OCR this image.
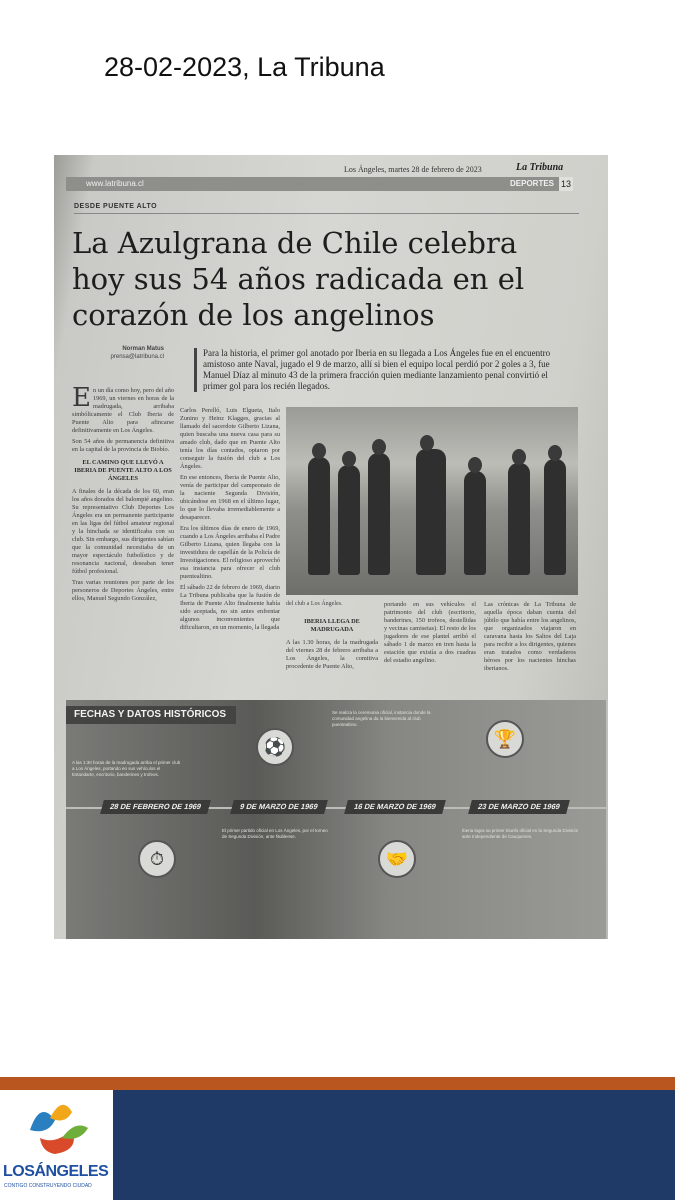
28-02-2023, La Tribuna
Los Ángeles, martes 28 de febrero de 2023	La Tribuna
www.latribuna.cl	DEPORTES 13
DESDE PUENTE ALTO
La Azulgrana de Chile celebra hoy sus 54 años radicada en el corazón de los angelinos
Norman Matus
prensa@latribuna.cl	Para la historia, el primer gol anotado por Iberia en su llegada a Los Ángeles fue en el encuentro amistoso ante Naval, jugado el 9 de marzo, allí si bien el equipo local perdió por 2 goles a 3, fue Manuel Díaz al minuto 43 de la primera fracción quien mediante lanzamiento penal convirtió el primer gol para los recién llegados.

En un día como hoy, pero del año 1969, un viernes en horas de la madrugada, arribaba simbólicamente el Club Iberia de Puente Alto para afincarse definitivamente en Los Ángeles.

Son 54 años de permanencia definitiva en la capital de la provincia de Biobío.

EL CAMINO QUE LLEVÓ A IBERIA DE PUENTE ALTO A LOS ÁNGELES

A finales de la década de los 60, eran los años dorados del balompié angelino. Su representativo Club Deportes Los Ángeles era un permanente participante en las ligas del fútbol amateur regional y la hinchada se identificaba con su club. Sin embargo, sus dirigentes sabían que la comunidad necesitaba de un mayor espectáculo futbolístico y de resonancia nacional, deseaban tener fútbol profesional.

Tras varias reuniones por parte de los personeros de Deportes Ángeles, entre ellos, Manuel Segundo González,

Carlos Perelló, Luis Elgueta, Italo Zunino y Heinz Klagges, gracias al llamado del sacerdote Gilberto Lizana, quien buscaba una nueva casa para su amado club, dado que en Puente Alto tenía los días contados, optaron por conseguir la fusión del club a Los Ángeles.

En ese entonces, Iberia de Puente Alto, venía de participar del campeonato de la naciente Segunda División, ubicándose en 1968 en el último lugar, lo que lo llevaba irremediablemente a desaparecer.

Era los últimos días de enero de 1969, cuando a Los Ángeles arribaba el Padre Gilberto Lizana, quien llegaba con la investidura de capellán de la Policía de Investigaciones. El religioso aprovechó esa instancia para ofrecer el club puentealtino.

El sábado 22 de febrero de 1969, diario La Tribuna publicaba que la fusión de Iberia de Puente Alto finalmente había sido aceptada, no sin antes enfrentar algunos inconvenientes que dificultaron, en un momento, la llegada

del club a Los Ángeles.
IBERIA LLEGA DE MADRUGADA

A las 1.30 horas, de la madrugada del viernes 28 de febrero arribaba a Los Ángeles, la comitiva procedente de Puente Alto,

portando en sus vehículos el patrimonio del club (escritorio, banderines, 150 trofeos, destellidas y vecinas camisetas). El resto de los jugadores de ese plantel arribó el sábado 1 de marzo en tren hasta la estación que existía a dos cuadras del estadio angelino.

Las crónicas de La Tribuna de aquella época daban cuenta del júbilo que había entre los angelinos, que organizados viajaron en caravana hasta los Saltos del Laja para recibir a los dirigentes, quienes eran tratados como verdaderos héroes por los nacientes hinchas iberianos.

FECHAS Y DATOS HISTÓRICOS
⚽	🏆
⏱	🤝
A las 1:30 horas de la madrugada arriba el primer club a Los Ángeles, portando en sus vehículos el Estandarte, escritorio, banderines y trofeos.
Se realiza la ceremonia oficial, instancia donde la comunidad angelina da la bienvenida al club puentealtino.
El primer partido oficial en Los Ángeles, por el torneo de Segunda División, ante Ñublense.
Iberia logra su primer triunfo oficial en la Segunda División ante Independiente de Cauquenes.
28 DE FEBRERO DE 1969	9 DE MARZO DE 1969	16 DE MARZO DE 1969	23 DE MARZO DE 1969
LOSÁNGELES
CONTIGO CONSTRUYENDO CIUDAD
